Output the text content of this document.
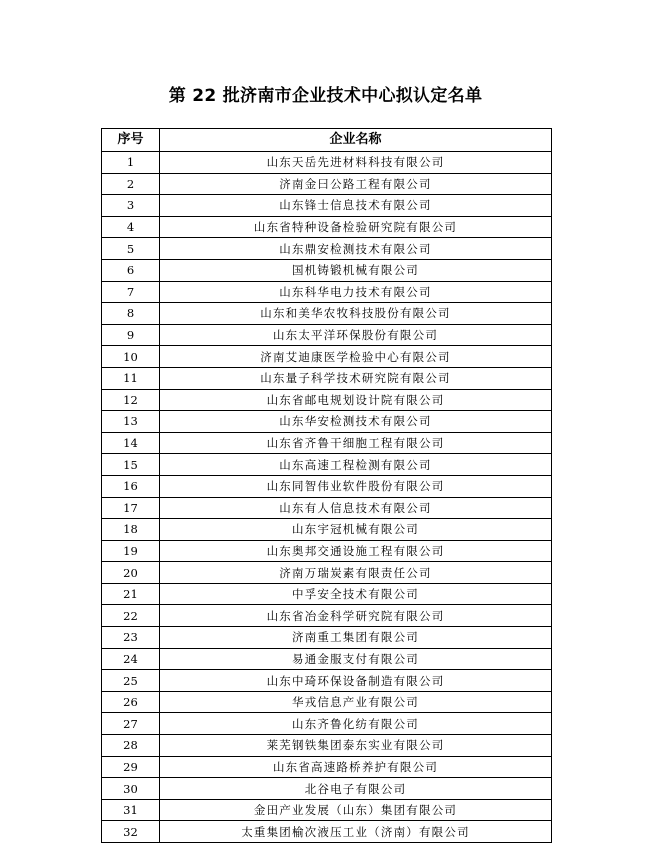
第 22 批济南市企业技术中心拟认定名单
序号	企业名称
1	山东天岳先进材料科技有限公司
2	济南金曰公路工程有限公司
3	山东锋士信息技术有限公司
4	山东省特种设备检验研究院有限公司
5	山东鼎安检测技术有限公司
6	国机铸锻机械有限公司
7	山东科华电力技术有限公司
8	山东和美华农牧科技股份有限公司
9	山东太平洋环保股份有限公司
10	济南艾迪康医学检验中心有限公司
11	山东量子科学技术研究院有限公司
12	山东省邮电规划设计院有限公司
13	山东华安检测技术有限公司
14	山东省齐鲁干细胞工程有限公司
15	山东高速工程检测有限公司
16	山东同智伟业软件股份有限公司
17	山东有人信息技术有限公司
18	山东宇冠机械有限公司
19	山东奥邦交通设施工程有限公司
20	济南万瑞炭素有限责任公司
21	中孚安全技术有限公司
22	山东省冶金科学研究院有限公司
23	济南重工集团有限公司
24	易通金服支付有限公司
25	山东中琦环保设备制造有限公司
26	华戎信息产业有限公司
27	山东齐鲁化纺有限公司
28	莱芜钢铁集团泰东实业有限公司
29	山东省高速路桥养护有限公司
30	北谷电子有限公司
31	金田产业发展（山东）集团有限公司
32	太重集团榆次液压工业（济南）有限公司
